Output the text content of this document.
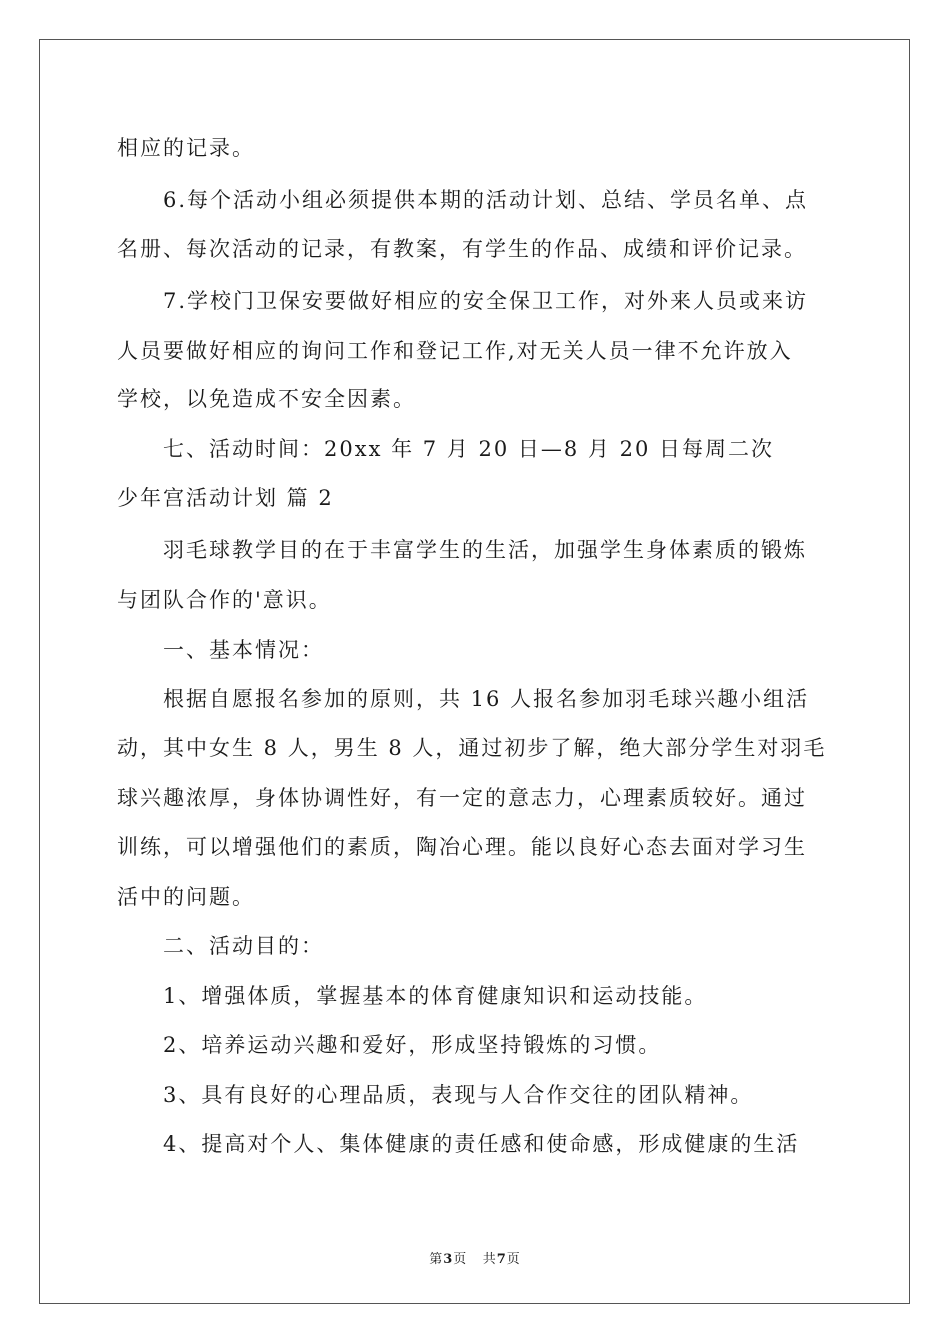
相应的记录。
6.每个活动小组必须提供本期的活动计划、总结、学员名单、点
名册、每次活动的记录，有教案，有学生的作品、成绩和评价记录。
7.学校门卫保安要做好相应的安全保卫工作，对外来人员或来访
人员要做好相应的询问工作和登记工作,对无关人员一律不允许放入
学校，以免造成不安全因素。
七、活动时间：20xx 年 7 月 20 日—8 月 20 日每周二次
少年宫活动计划 篇 2
羽毛球教学目的在于丰富学生的生活，加强学生身体素质的锻炼
与团队合作的'意识。
一、基本情况：
根据自愿报名参加的原则，共 16 人报名参加羽毛球兴趣小组活
动，其中女生 8 人，男生 8 人，通过初步了解，绝大部分学生对羽毛
球兴趣浓厚，身体协调性好，有一定的意志力，心理素质较好。通过
训练，可以增强他们的素质，陶冶心理。能以良好心态去面对学习生
活中的问题。
二、活动目的：
1、增强体质，掌握基本的体育健康知识和运动技能。
2、培养运动兴趣和爱好，形成坚持锻炼的习惯。
3、具有良好的心理品质，表现与人合作交往的团队精神。
4、提高对个人、集体健康的责任感和使命感，形成健康的生活
第3页   共7页
